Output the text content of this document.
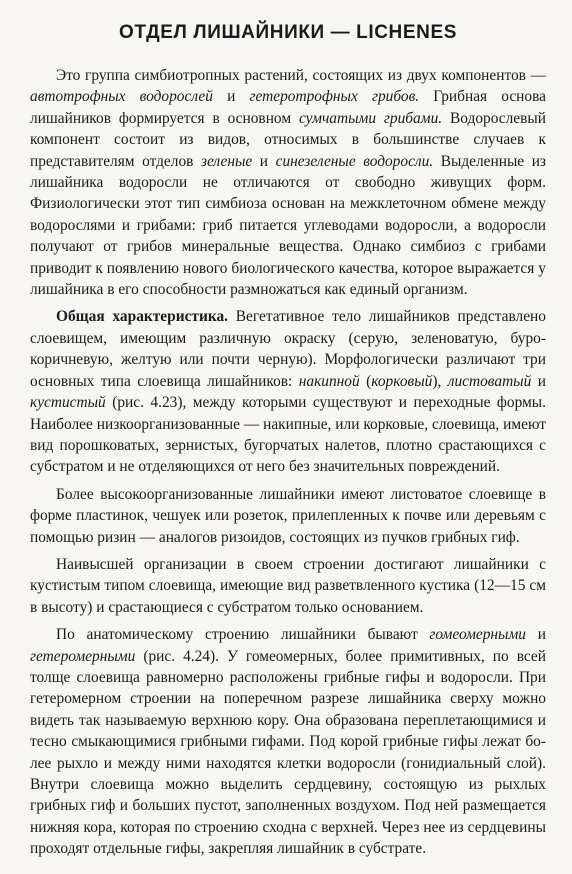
ОТДЕЛ ЛИШАЙНИКИ — LICHENES

Это группа симбиотропных растений, состоящих из двух компонентов — автотрофных водорослей и гетеротрофных грибов. Грибная основа лишайников формируется в основном сумчатыми грибами. Водорослевый компонент состоит из видов, относимых в большинстве случаев к представителям отделов зеленые и синезеленые водоросли. Выделенные из лишайника водоросли не отличаются от свободно живущих форм. Физиологически этот тип симбиоза основан на межклеточном обмене между водорослями и грибами: гриб питается углеводами водоросли, а водоросли получают от грибов минеральные вещества. Однако симбиоз с грибами приводит к появлению нового биологического качества, которое выражается у лишайника в его способности размножаться как единый организм.

Общая характеристика. Вегетативное тело лишайников представлено слоевищем, имеющим различную окраску (серую, зеленоватую, буро-коричневую, желтую или почти черную). Морфологически различают три основных типа слоевища лишайников: накипной (корковый), листоватый и кустистый (рис. 4.23), между которыми существуют и переходные формы. Наиболее низкоорганизованные — накипные, или корковые, слоевища, имеют вид порошковатых, зернистых, бугорчатых налетов, плотно срастающихся с субстратом и не отделяющихся от него без значительных повреждений.

Более высокоорганизованные лишайники имеют листоватое слоевище в форме пластинок, чешуек или розеток, прилепленных к почве или деревьям с помощью ризин — аналогов ризоидов, состоящих из пучков грибных гиф.

Наивысшей организации в своем строении достигают лишайники с кустистым типом слоевища, имеющие вид разветвленного кустика (12—15 см в высоту) и срастающиеся с субстратом только основанием.

По анатомическому строению лишайники бывают гомеомерными и гетеромерными (рис. 4.24). У гомеомерных, более примитивных, по всей толще слоевища равномерно расположены грибные гифы и водоросли. При гетеромерном строении на поперечном разрезе лишайника сверху можно видеть так называемую верхнюю кору. Она образована переплетающимися и тесно смыкающимися грибными гифами. Под корой грибные гифы лежат более рыхло и между ними находятся клетки водоросли (гонидиальный слой). Внутри слоевища можно выделить сердцевину, состоящую из рыхлых грибных гиф и больших пустот, заполненных воздухом. Под ней размещается нижняя кора, которая по строению сходна с верхней. Через нее из сердцевины проходят отдельные гифы, закрепляя лишайник в субстрате.
